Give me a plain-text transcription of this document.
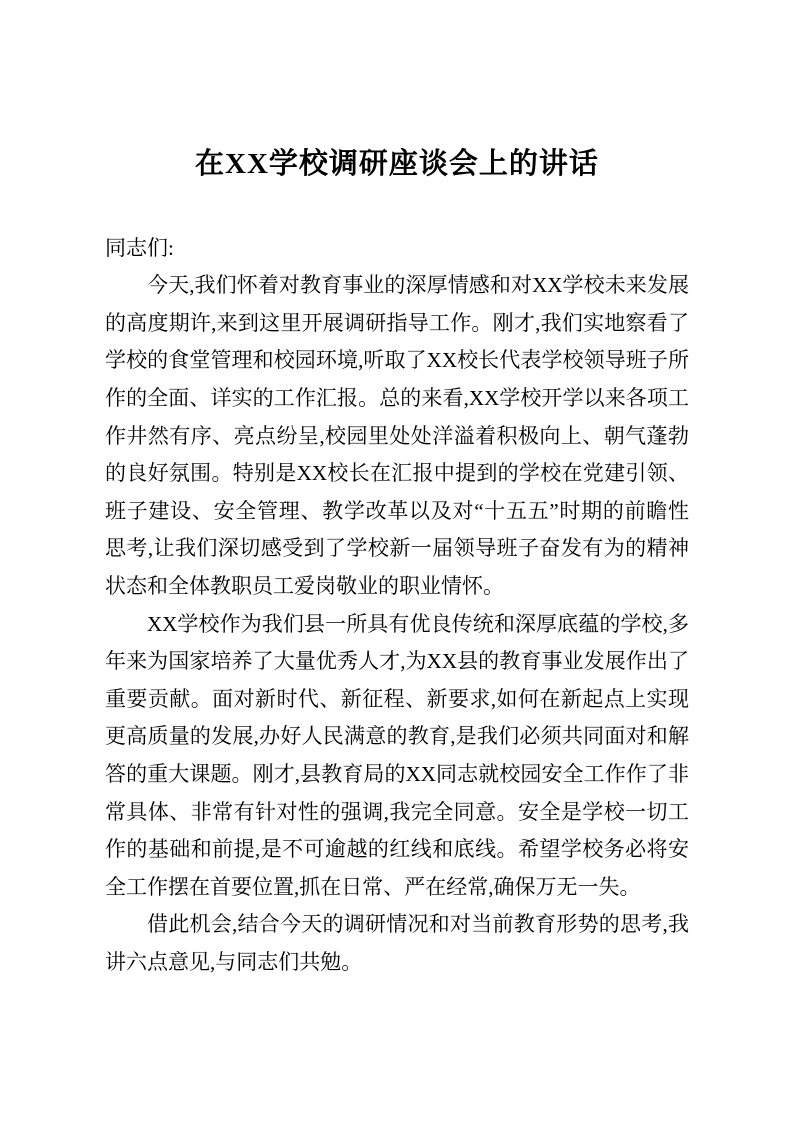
在XX学校调研座谈会上的讲话

同志们:

今天,我们怀着对教育事业的深厚情感和对XX学校未来发展的高度期许,来到这里开展调研指导工作。刚才,我们实地察看了学校的食堂管理和校园环境,听取了XX校长代表学校领导班子所作的全面、详实的工作汇报。总的来看,XX学校开学以来各项工作井然有序、亮点纷呈,校园里处处洋溢着积极向上、朝气蓬勃的良好氛围。特别是XX校长在汇报中提到的学校在党建引领、班子建设、安全管理、教学改革以及对“十五五”时期的前瞻性思考,让我们深切感受到了学校新一届领导班子奋发有为的精神状态和全体教职员工爱岗敬业的职业情怀。

XX学校作为我们县一所具有优良传统和深厚底蕴的学校,多年来为国家培养了大量优秀人才,为XX县的教育事业发展作出了重要贡献。面对新时代、新征程、新要求,如何在新起点上实现更高质量的发展,办好人民满意的教育,是我们必须共同面对和解答的重大课题。刚才,县教育局的XX同志就校园安全工作作了非常具体、非常有针对性的强调,我完全同意。安全是学校一切工作的基础和前提,是不可逾越的红线和底线。希望学校务必将安全工作摆在首要位置,抓在日常、严在经常,确保万无一失。

借此机会,结合今天的调研情况和对当前教育形势的思考,我讲六点意见,与同志们共勉。
